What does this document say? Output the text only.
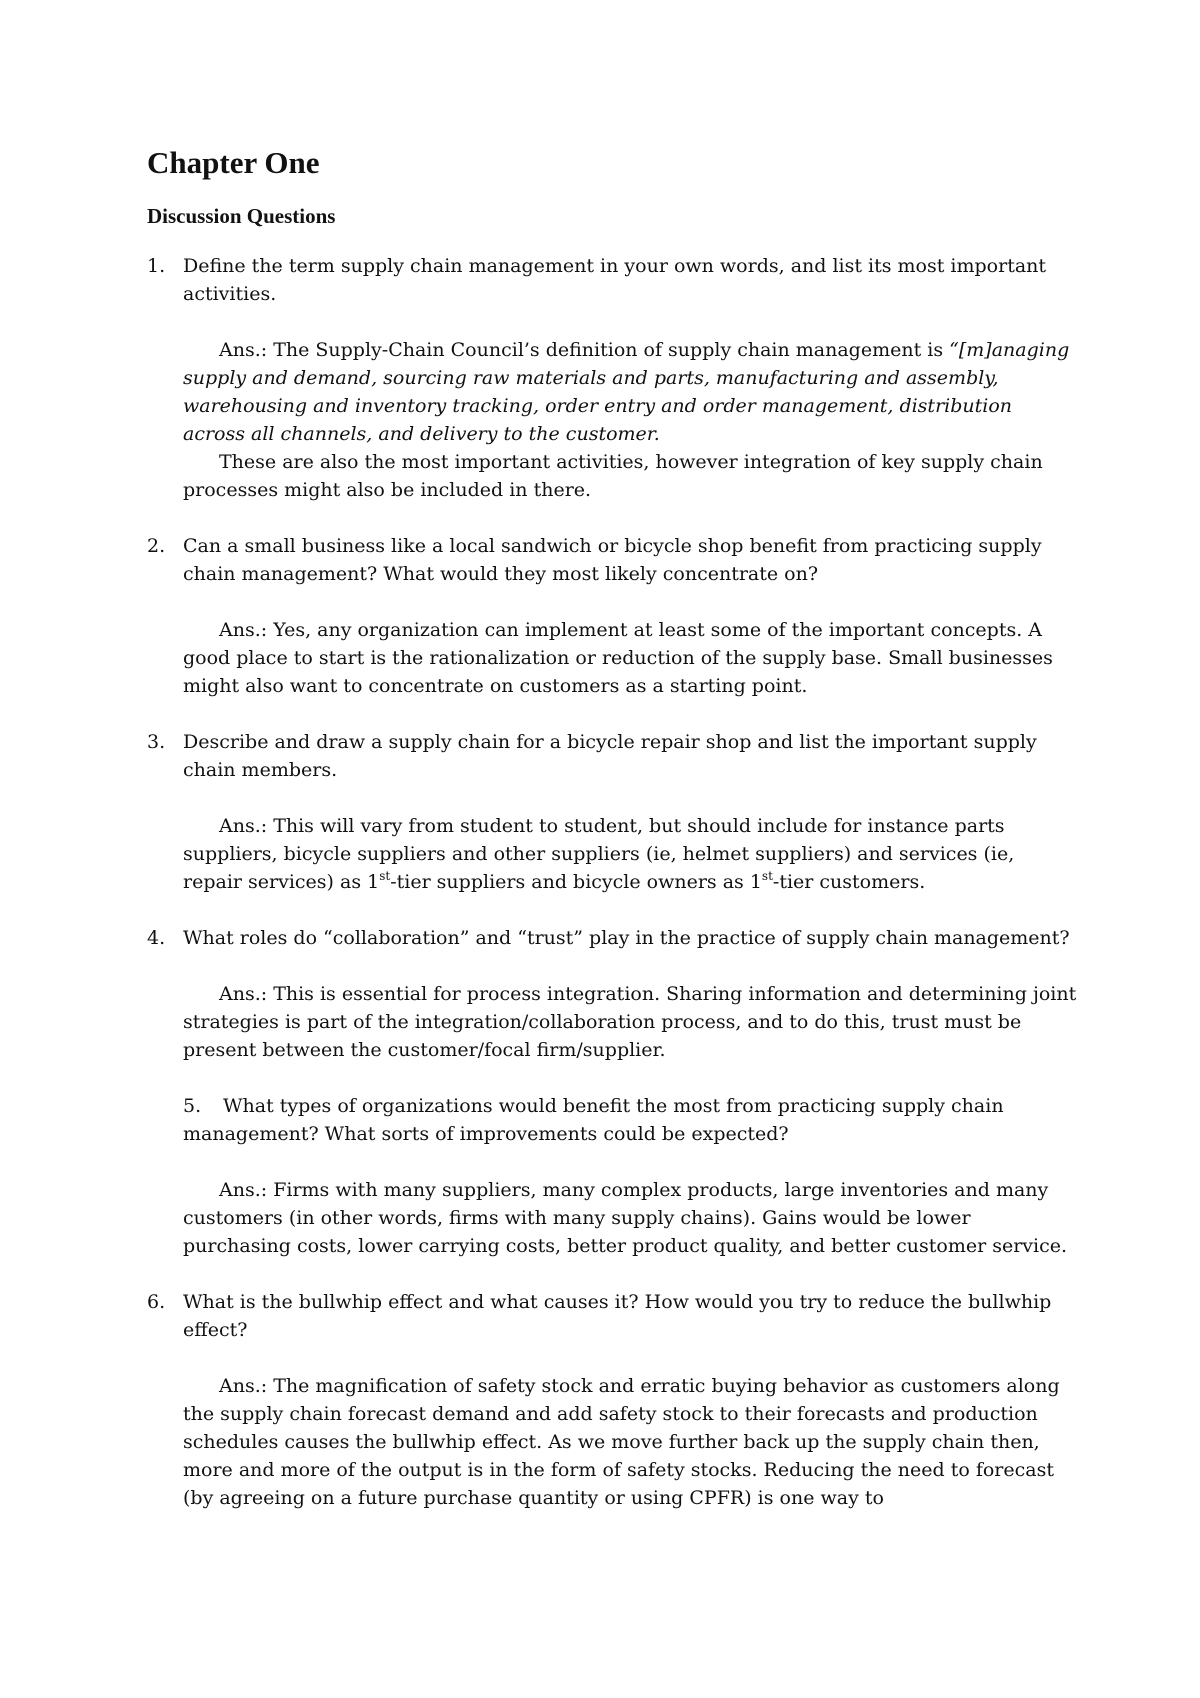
Chapter One
Discussion Questions
1. Define the term supply chain management in your own words, and list its most important activities.
Ans.: The Supply-Chain Council’s definition of supply chain management is “[m]anaging supply and demand, sourcing raw materials and parts, manufacturing and assembly, warehousing and inventory tracking, order entry and order management, distribution across all channels, and delivery to the customer.
These are also the most important activities, however integration of key supply chain processes might also be included in there.
2. Can a small business like a local sandwich or bicycle shop benefit from practicing supply chain management? What would they most likely concentrate on?
Ans.: Yes, any organization can implement at least some of the important concepts. A good place to start is the rationalization or reduction of the supply base. Small businesses might also want to concentrate on customers as a starting point.
3. Describe and draw a supply chain for a bicycle repair shop and list the important supply chain members.
Ans.: This will vary from student to student, but should include for instance parts suppliers, bicycle suppliers and other suppliers (ie, helmet suppliers) and services (ie, repair services) as 1st-tier suppliers and bicycle owners as 1st-tier customers.
4. What roles do “collaboration” and “trust” play in the practice of supply chain management?
Ans.: This is essential for process integration. Sharing information and determining joint strategies is part of the integration/collaboration process, and to do this, trust must be present between the customer/focal firm/supplier.
5. What types of organizations would benefit the most from practicing supply chain management? What sorts of improvements could be expected?
Ans.: Firms with many suppliers, many complex products, large inventories and many customers (in other words, firms with many supply chains). Gains would be lower purchasing costs, lower carrying costs, better product quality, and better customer service.
6. What is the bullwhip effect and what causes it? How would you try to reduce the bullwhip effect?
Ans.: The magnification of safety stock and erratic buying behavior as customers along the supply chain forecast demand and add safety stock to their forecasts and production schedules causes the bullwhip effect. As we move further back up the supply chain then, more and more of the output is in the form of safety stocks. Reducing the need to forecast (by agreeing on a future purchase quantity or using CPFR) is one way to
